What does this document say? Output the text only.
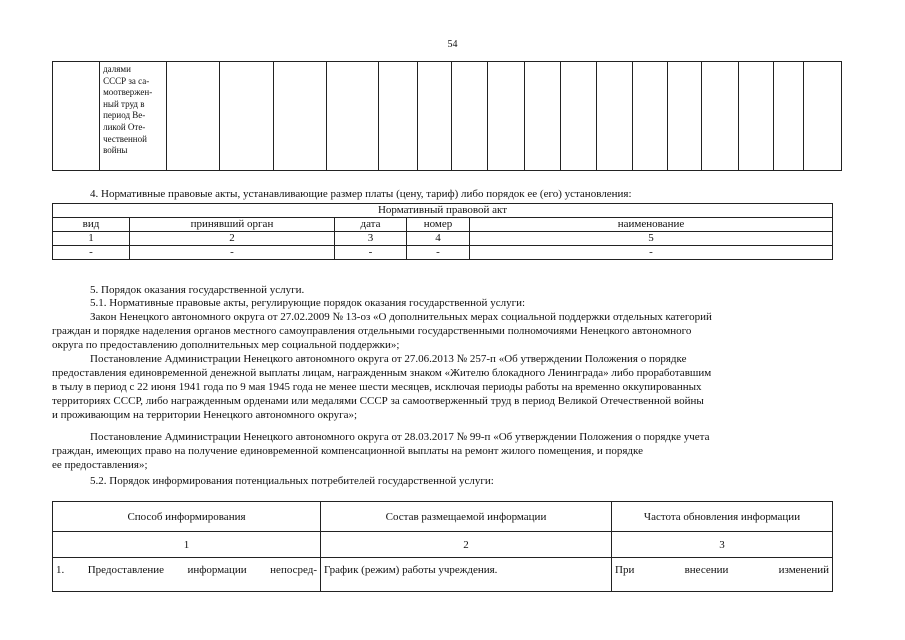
54

далями
СССР за са-
моотвержен-
ный труд в
период Ве-
ликой Оте-
чественной
войны

4. Нормативные правовые акты, устанавливающие размер платы (цену, тариф) либо порядок ее (его) установления:
Нормативный правовой акт				
вид	принявший орган	дата	номер	наименование
1	2	3	4	5
-	-	-	-	-
5. Порядок оказания государственной услуги.
5.1. Нормативные правовые акты, регулирующие порядок оказания государственной услуги:
Закон Ненецкого автономного округа от 27.02.2009 № 13-оз «О дополнительных мерах социальной поддержки отдельных категорий
граждан и порядке наделения органов местного самоуправления отдельными государственными полномочиями Ненецкого автономного
округа по предоставлению дополнительных мер социальной поддержки»;
Постановление Администрации Ненецкого автономного округа от 27.06.2013 № 257-п «Об утверждении Положения о порядке
предоставления единовременной денежной выплаты лицам, награжденным знаком «Жителю блокадного Ленинграда» либо проработавшим
в тылу в период с 22 июня 1941 года по 9 мая 1945 года не менее шести месяцев, исключая периоды работы на временно оккупированных
территориях СССР, либо награжденным орденами или медалями СССР за самоотверженный труд в период Великой Отечественной войны
и проживающим на территории Ненецкого автономного округа»;
Постановление Администрации Ненецкого автономного округа от 28.03.2017 № 99-п «Об утверждении Положения о порядке учета
граждан, имеющих право на получение единовременной компенсационной выплаты на ремонт жилого помещения, и порядке
ее предоставления»;
5.2. Порядок информирования потенциальных потребителей государственной услуги:
Способ информирования	Состав размещаемой информации	Частота обновления информации
1	2	3

1. Предоставление информации непосред-	График (режим) работы учреждения.	При внесении изменений
